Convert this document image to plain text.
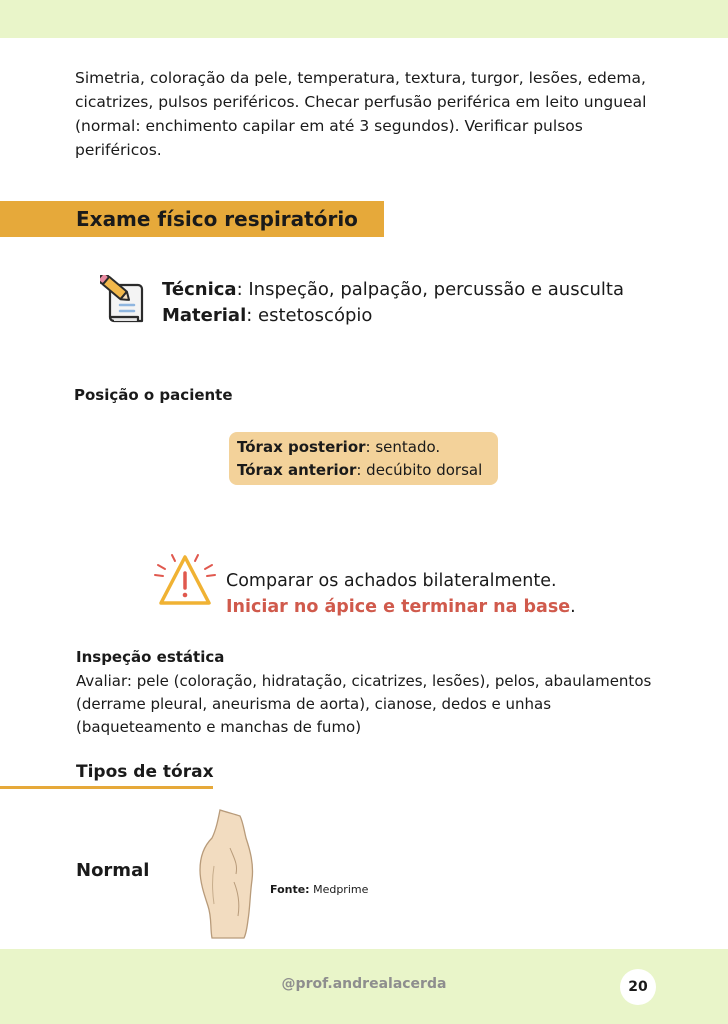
Simetria, coloração da pele, temperatura, textura, turgor, lesões, edema, cicatrizes, pulsos periféricos. Checar perfusão periférica em leito ungueal (normal: enchimento capilar em até 3 segundos). Verificar pulsos periféricos.

Exame físico respiratório
Técnica: Inspeção, palpação, percussão e ausculta
Material: estetoscópio
Posição o paciente
Tórax posterior: sentado.
Tórax anterior: decúbito dorsal
Comparar os achados bilateralmente.
Iniciar no ápice e terminar na base.
Inspeção estática

Avaliar: pele (coloração, hidratação, cicatrizes, lesões), pelos, abaulamentos (derrame pleural, aneurisma de aorta), cianose, dedos e unhas (baqueteamento e manchas de fumo)

Tipos de tórax
Normal
Fonte: Medprime
@prof.andrealacerda	20
